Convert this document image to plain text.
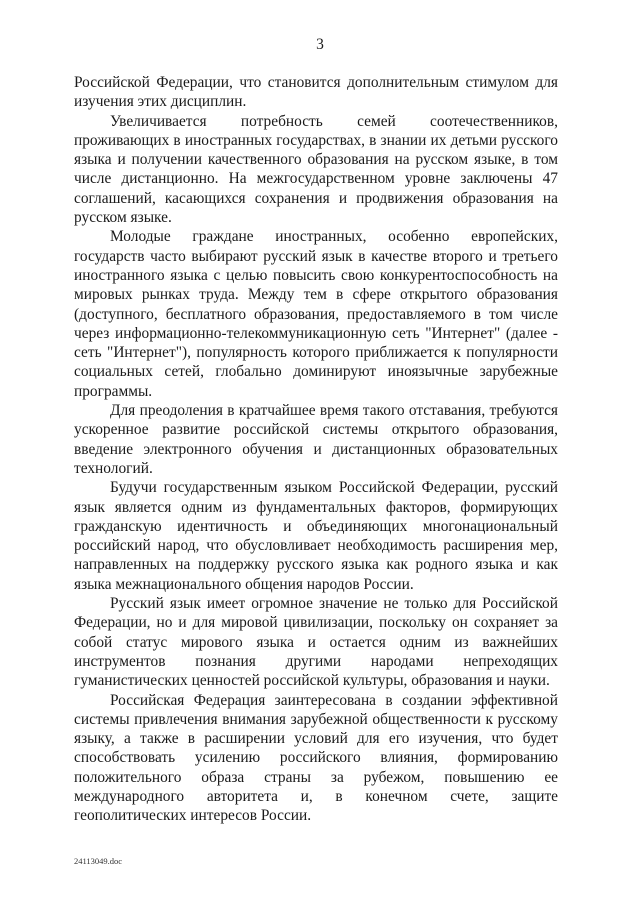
3

Российской Федерации, что становится дополнительным стимулом для изучения этих дисциплин.

Увеличивается потребность семей соотечественников, проживающих в иностранных государствах, в знании их детьми русского языка и получении качественного образования на русском языке, в том числе дистанционно. На межгосударственном уровне заключены 47 соглашений, касающихся сохранения и продвижения образования на русском языке.

Молодые граждане иностранных, особенно европейских, государств часто выбирают русский язык в качестве второго и третьего иностранного языка с целью повысить свою конкурентоспособность на мировых рынках труда. Между тем в сфере открытого образования (доступного, бесплатного образования, предоставляемого в том числе через информационно-телекоммуникационную сеть "Интернет" (далее - сеть "Интернет"), популярность которого приближается к популярности социальных сетей, глобально доминируют иноязычные зарубежные программы.

Для преодоления в кратчайшее время такого отставания, требуются ускоренное развитие российской системы открытого образования, введение электронного обучения и дистанционных образовательных технологий.

Будучи государственным языком Российской Федерации, русский язык является одним из фундаментальных факторов, формирующих гражданскую идентичность и объединяющих многонациональный российский народ, что обусловливает необходимость расширения мер, направленных на поддержку русского языка как родного языка и как языка межнационального общения народов России.

Русский язык имеет огромное значение не только для Российской Федерации, но и для мировой цивилизации, поскольку он сохраняет за собой статус мирового языка и остается одним из важнейших инструментов познания другими народами непреходящих гуманистических ценностей российской культуры, образования и науки.

Российская Федерация заинтересована в создании эффективной системы привлечения внимания зарубежной общественности к русскому языку, а также в расширении условий для его изучения, что будет способствовать усилению российского влияния, формированию положительного образа страны за рубежом, повышению ее международного авторитета и, в конечном счете, защите геополитических интересов России.

24113049.doc
